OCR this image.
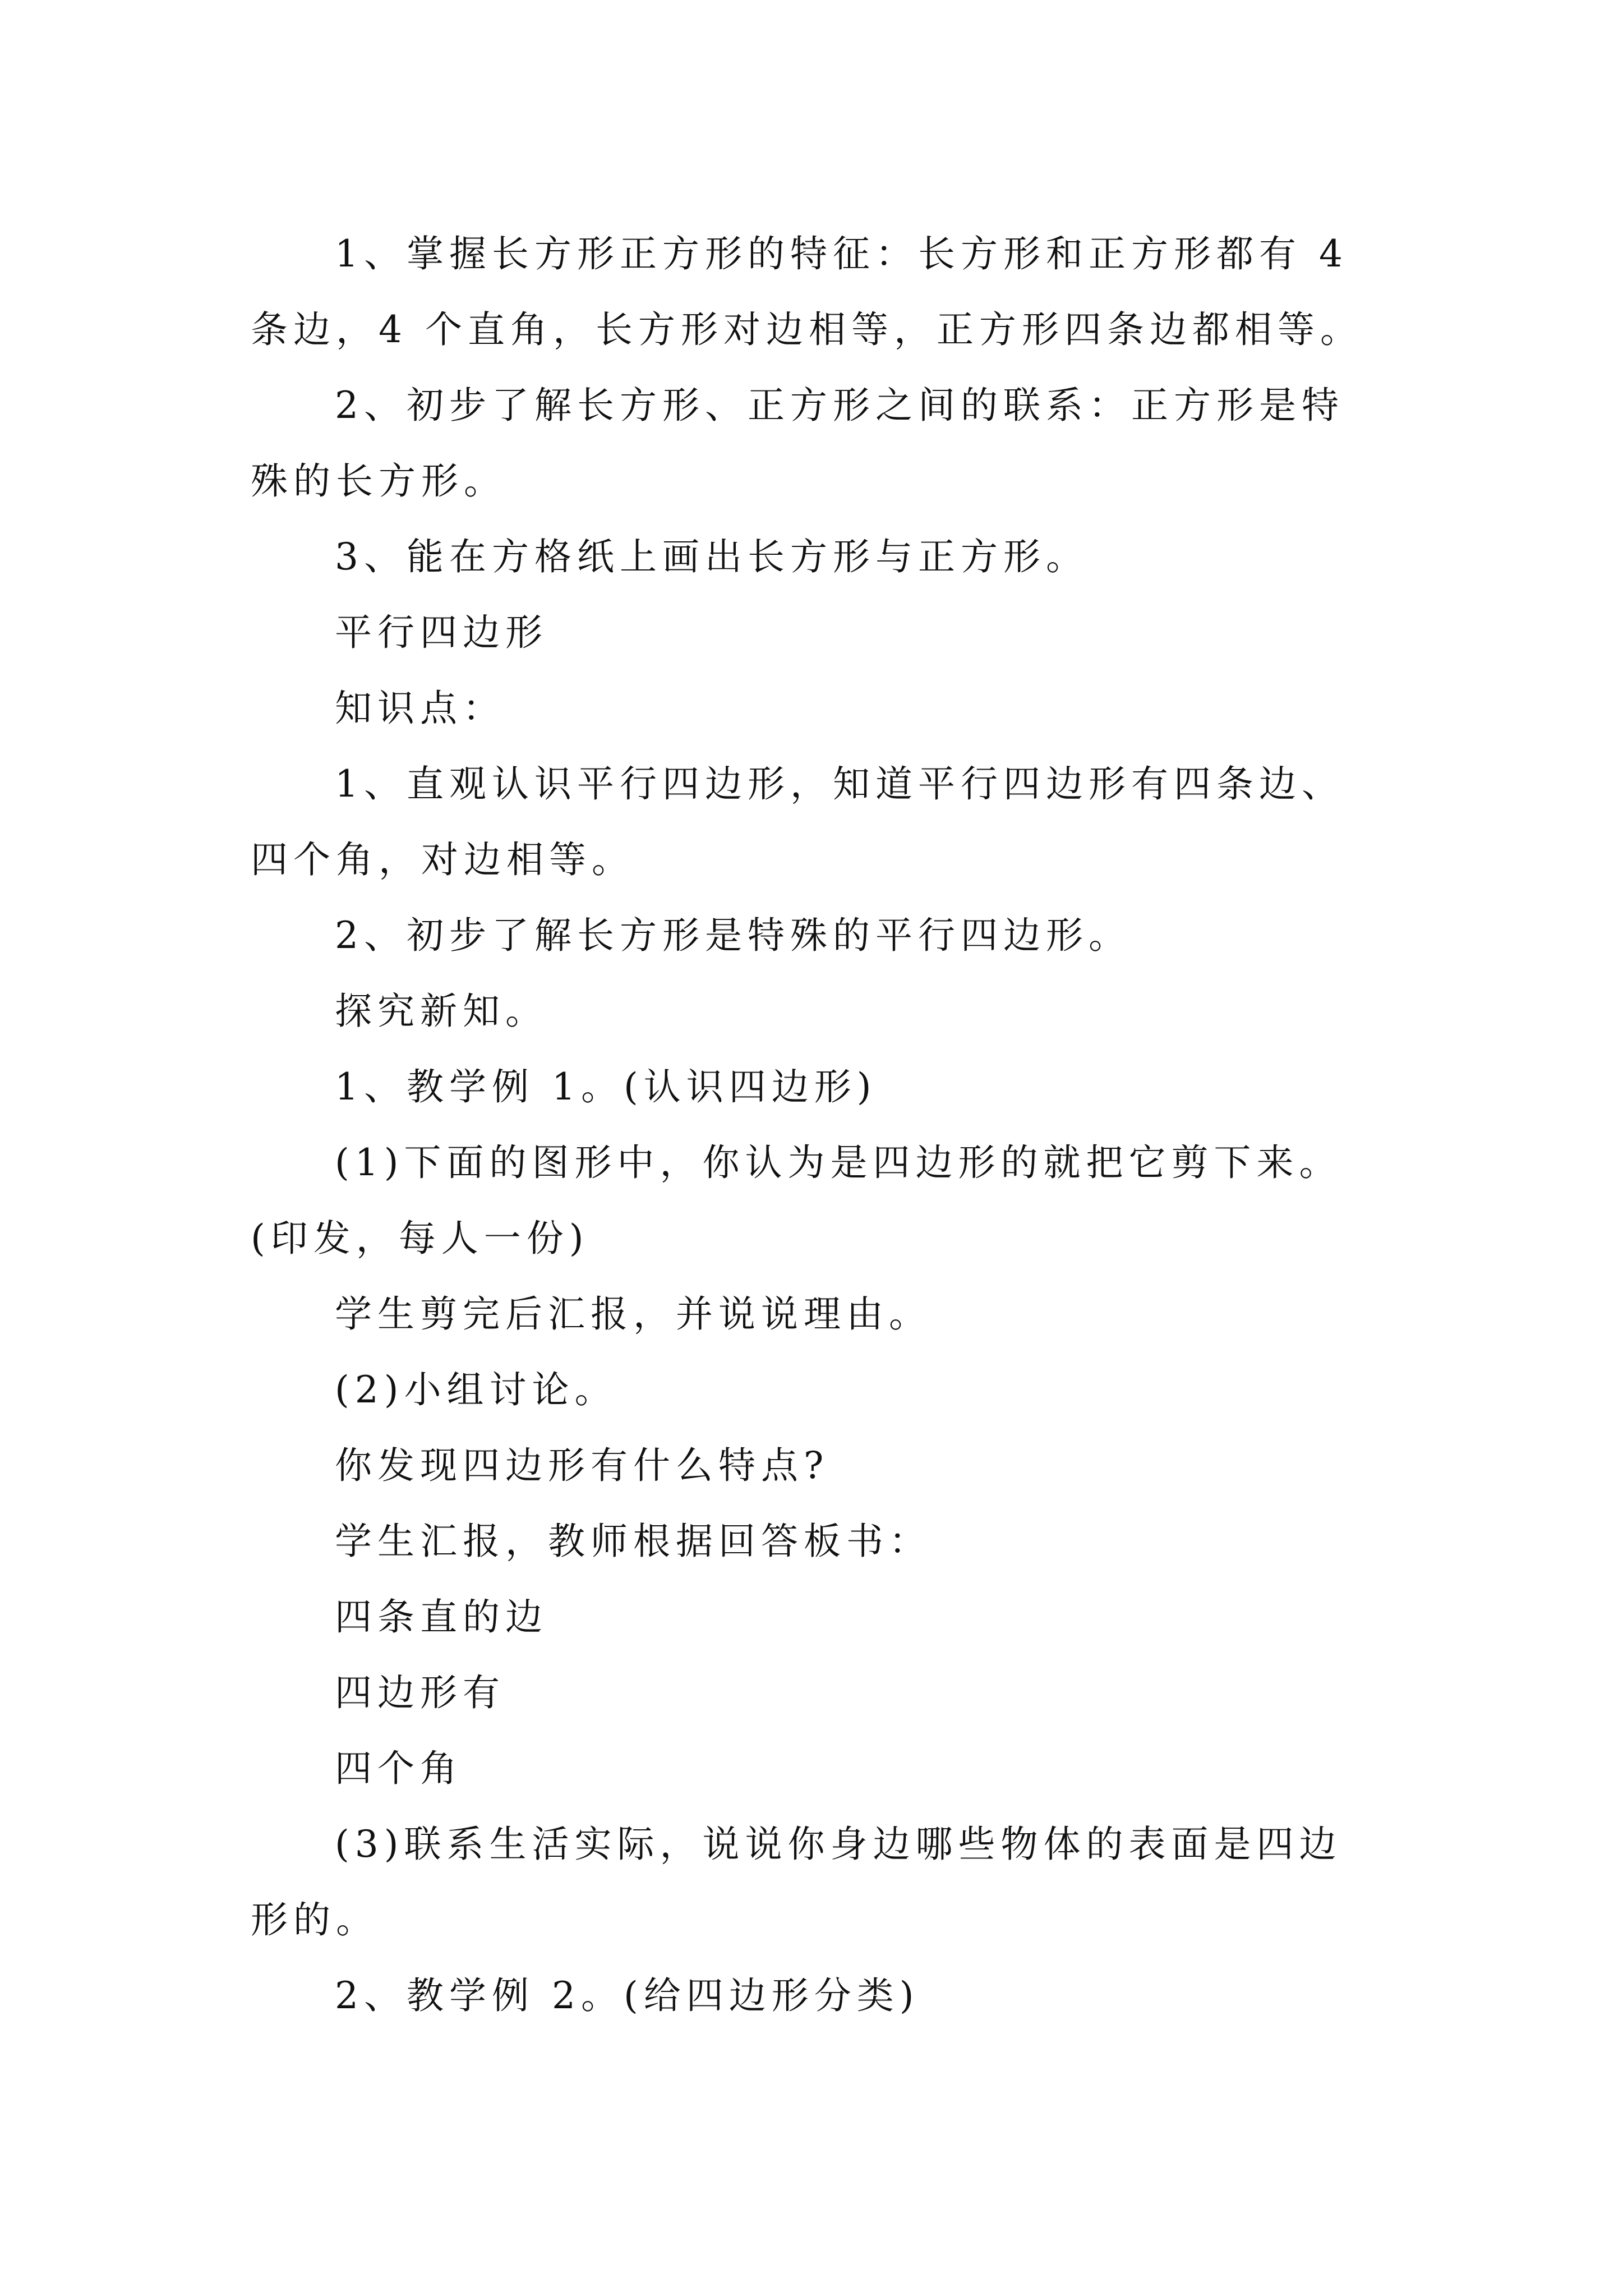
1、掌握长方形正方形的特征：长方形和正方形都有 4
条边，4 个直角，长方形对边相等，正方形四条边都相等。
2、初步了解长方形、正方形之间的联系：正方形是特
殊的长方形。
3、能在方格纸上画出长方形与正方形。
平行四边形
知识点：
1、直观认识平行四边形，知道平行四边形有四条边、
四个角，对边相等。
2、初步了解长方形是特殊的平行四边形。
探究新知。
1、教学例 1。(认识四边形)
(1)下面的图形中，你认为是四边形的就把它剪下来。
(印发，每人一份)
学生剪完后汇报，并说说理由。
(2)小组讨论。
你发现四边形有什么特点?
学生汇报，教师根据回答板书：
四条直的边
四边形有
四个角
(3)联系生活实际，说说你身边哪些物体的表面是四边
形的。
2、教学例 2。(给四边形分类)
